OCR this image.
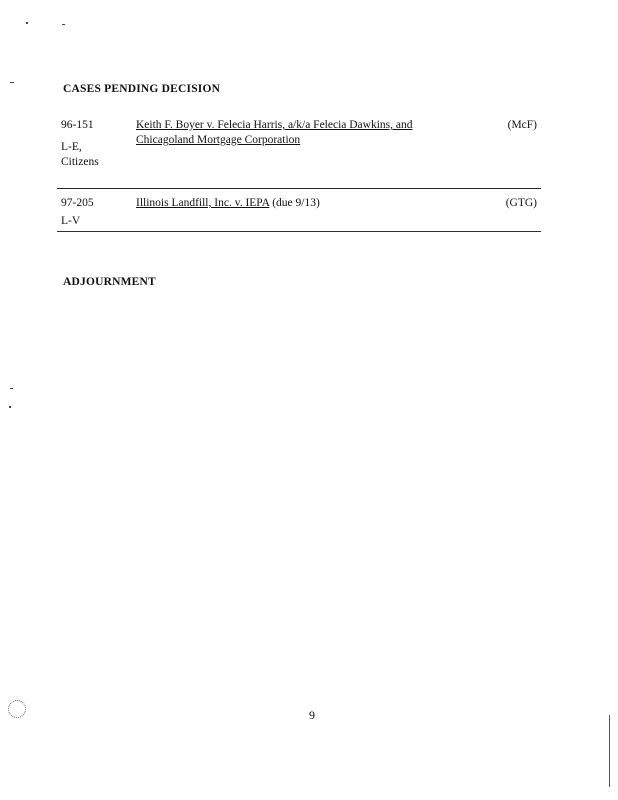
CASES PENDING DECISION
96-151
L-E, Citizens
Keith F. Boyer v. Felecia Harris, a/k/a Felecia Dawkins, and
Chicagoland Mortgage Corporation
(McF)
97-205
L-V
Illinois Landfill, Inc. v. IEPA (due 9/13)	(GTG)
ADJOURNMENT
9
